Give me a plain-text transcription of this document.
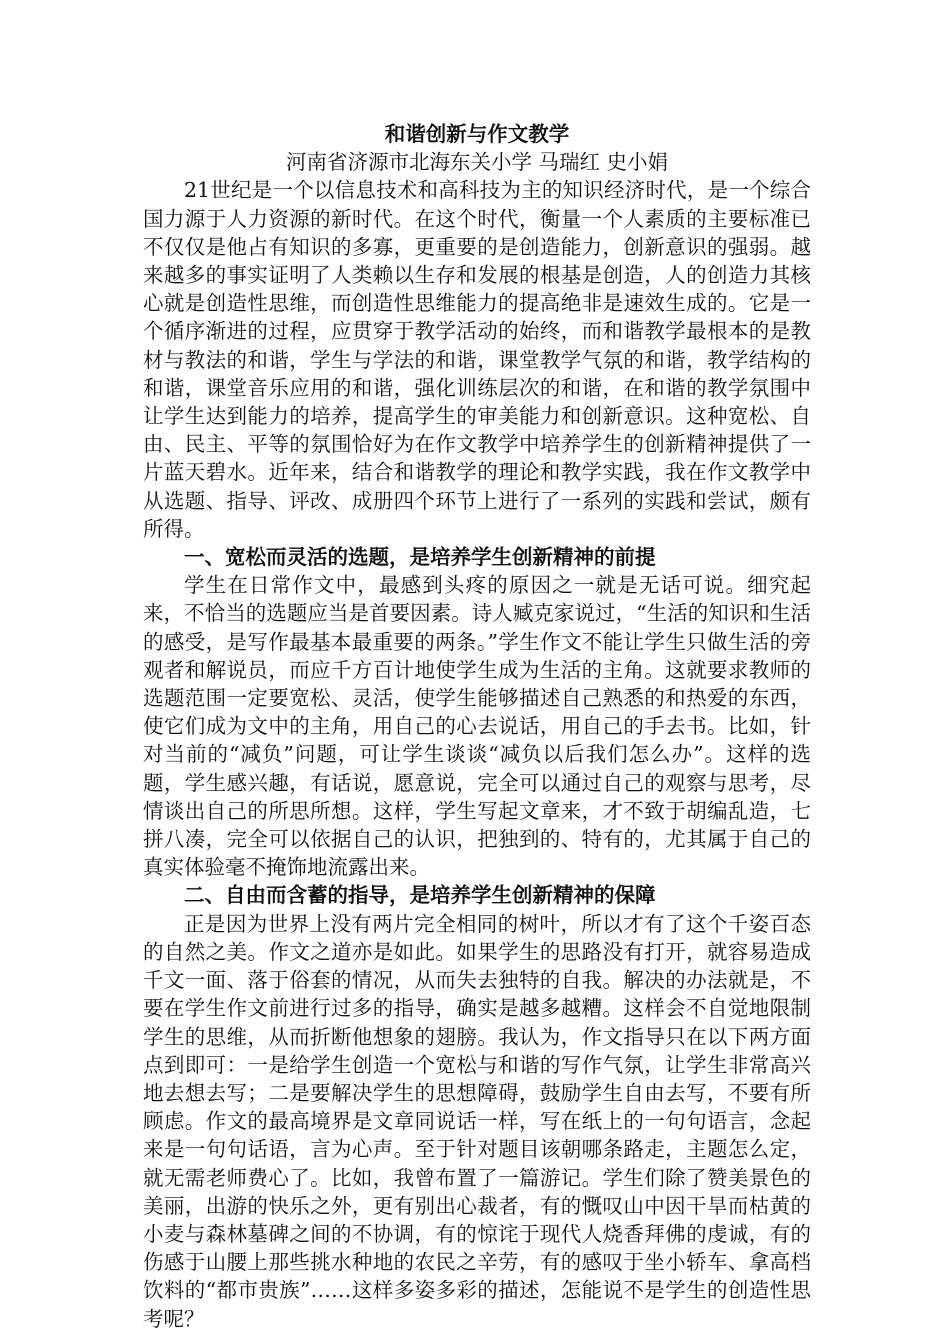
和谐创新与作文教学

河南省济源市北海东关小学 马瑞红 史小娟

21世纪是一个以信息技术和高科技为主的知识经济时代，是一个综合国力源于人力资源的新时代。在这个时代，衡量一个人素质的主要标准已不仅仅是他占有知识的多寡，更重要的是创造能力，创新意识的强弱。越来越多的事实证明了人类赖以生存和发展的根基是创造，人的创造力其核心就是创造性思维，而创造性思维能力的提高绝非是速效生成的。它是一个循序渐进的过程，应贯穿于教学活动的始终，而和谐教学最根本的是教材与教法的和谐，学生与学法的和谐，课堂教学气氛的和谐，教学结构的和谐，课堂音乐应用的和谐，强化训练层次的和谐，在和谐的教学氛围中让学生达到能力的培养，提高学生的审美能力和创新意识。这种宽松、自由、民主、平等的氛围恰好为在作文教学中培养学生的创新精神提供了一片蓝天碧水。近年来，结合和谐教学的理论和教学实践，我在作文教学中从选题、指导、评改、成册四个环节上进行了一系列的实践和尝试，颇有所得。

一、宽松而灵活的选题，是培养学生创新精神的前提

学生在日常作文中，最感到头疼的原因之一就是无话可说。细究起来，不恰当的选题应当是首要因素。诗人臧克家说过，“生活的知识和生活的感受，是写作最基本最重要的两条。”学生作文不能让学生只做生活的旁观者和解说员，而应千方百计地使学生成为生活的主角。这就要求教师的选题范围一定要宽松、灵活，使学生能够描述自己熟悉的和热爱的东西，使它们成为文中的主角，用自己的心去说话，用自己的手去书。比如，针对当前的“减负”问题，可让学生谈谈“减负以后我们怎么办”。这样的选题，学生感兴趣，有话说，愿意说，完全可以通过自己的观察与思考，尽情谈出自己的所思所想。这样，学生写起文章来，才不致于胡编乱造，七拼八凑，完全可以依据自己的认识，把独到的、特有的，尤其属于自己的真实体验毫不掩饰地流露出来。

二、自由而含蓄的指导，是培养学生创新精神的保障

正是因为世界上没有两片完全相同的树叶，所以才有了这个千姿百态的自然之美。作文之道亦是如此。如果学生的思路没有打开，就容易造成千文一面、落于俗套的情况，从而失去独特的自我。解决的办法就是，不要在学生作文前进行过多的指导，确实是越多越糟。这样会不自觉地限制学生的思维，从而折断他想象的翅膀。我认为，作文指导只在以下两方面点到即可：一是给学生创造一个宽松与和谐的写作气氛，让学生非常高兴地去想去写；二是要解决学生的思想障碍，鼓励学生自由去写，不要有所顾虑。作文的最高境界是文章同说话一样，写在纸上的一句句语言，念起来是一句句话语，言为心声。至于针对题目该朝哪条路走，主题怎么定，就无需老师费心了。比如，我曾布置了一篇游记。学生们除了赞美景色的美丽，出游的快乐之外，更有别出心裁者，有的慨叹山中因干旱而枯黄的小麦与森林墓碑之间的不协调，有的惊诧于现代人烧香拜佛的虔诚，有的伤感于山腰上那些挑水种地的农民之辛劳，有的感叹于坐小轿车、拿高档饮料的“都市贵族”……这样多姿多彩的描述，怎能说不是学生的创造性思考呢？
